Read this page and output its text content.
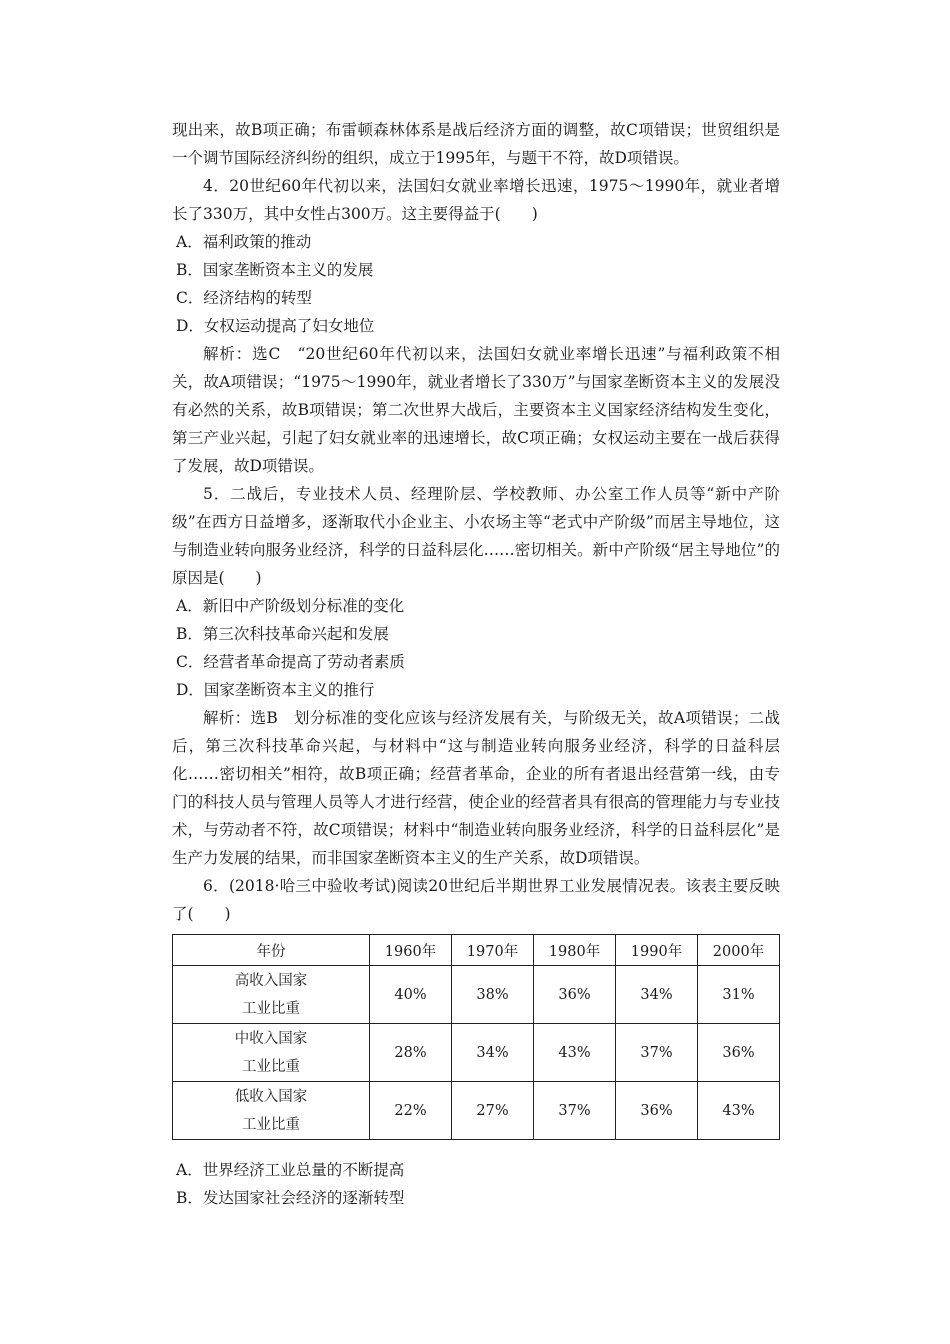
现出来，故B项正确；布雷顿森林体系是战后经济方面的调整，故C项错误；世贸组织是一个调节国际经济纠纷的组织，成立于1995年，与题干不符，故D项错误。

4．20世纪60年代初以来，法国妇女就业率增长迅速，1975～1990年，就业者增长了330万，其中女性占300万。这主要得益于(　　)

A．福利政策的推动

B．国家垄断资本主义的发展

C．经济结构的转型

D．女权运动提高了妇女地位

解析：选C　“20世纪60年代初以来，法国妇女就业率增长迅速”与福利政策不相关，故A项错误；“1975～1990年，就业者增长了330万”与国家垄断资本主义的发展没有必然的关系，故B项错误；第二次世界大战后，主要资本主义国家经济结构发生变化，第三产业兴起，引起了妇女就业率的迅速增长，故C项正确；女权运动主要在一战后获得了发展，故D项错误。

5．二战后，专业技术人员、经理阶层、学校教师、办公室工作人员等“新中产阶级”在西方日益增多，逐渐取代小企业主、小农场主等“老式中产阶级”而居主导地位，这与制造业转向服务业经济，科学的日益科层化……密切相关。新中产阶级“居主导地位”的原因是(　　)

A．新旧中产阶级划分标准的变化

B．第三次科技革命兴起和发展

C．经营者革命提高了劳动者素质

D．国家垄断资本主义的推行

解析：选B　划分标准的变化应该与经济发展有关，与阶级无关，故A项错误；二战后，第三次科技革命兴起，与材料中“这与制造业转向服务业经济，科学的日益科层化……密切相关”相符，故B项正确；经营者革命，企业的所有者退出经营第一线，由专门的科技人员与管理人员等人才进行经营，使企业的经营者具有很高的管理能力与专业技术，与劳动者不符，故C项错误；材料中“制造业转向服务业经济，科学的日益科层化”是生产力发展的结果，而非国家垄断资本主义的生产关系，故D项错误。

6．(2018·哈三中验收考试)阅读20世纪后半期世界工业发展情况表。该表主要反映了(　　)

年份	1960年	1970年	1980年	1990年	2000年

高收入国家
工业比重	40%	38%	36%	34%	31%

中收入国家
工业比重	28%	34%	43%	37%	36%

低收入国家
工业比重	22%	27%	37%	36%	43%

A．世界经济工业总量的不断提高

B．发达国家社会经济的逐渐转型
